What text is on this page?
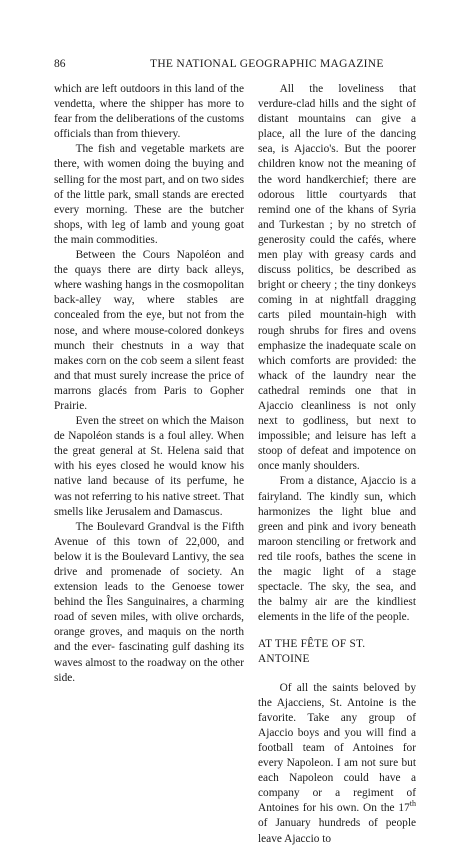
86	THE NATIONAL GEOGRAPHIC MAGAZINE

which are left outdoors in this land of the vendetta, where the shipper has more to fear from the deliberations of the customs officials than from thievery.

The fish and vegetable markets are there, with women doing the buying and selling for the most part, and on two sides of the little park, small stands are erected every morning. These are the butcher shops, with leg of lamb and young goat the main commodities.

Between the Cours Napoléon and the quays there are dirty back alleys, where washing hangs in the cosmopolitan back-alley way, where stables are concealed from the eye, but not from the nose, and where mouse-colored donkeys munch their chestnuts in a way that makes corn on the cob seem a silent feast and that must surely increase the price of marrons glacés from Paris to Gopher Prairie.

Even the street on which the Maison de Napoléon stands is a foul alley. When the great general at St. Helena said that with his eyes closed he would know his native land because of its perfume, he was not referring to his native street. That smells like Jerusalem and Damascus.

The Boulevard Grandval is the Fifth Avenue of this town of 22,000, and below it is the Boulevard Lantivy, the sea drive and promenade of society. An extension leads to the Genoese tower behind the Îles Sanguinaires, a charming road of seven miles, with olive orchards, orange groves, and maquis on the north and the ever- fascinating gulf dashing its waves almost to the roadway on the other side.

All the loveliness that verdure-clad hills and the sight of distant mountains can give a place, all the lure of the dancing sea, is Ajaccio's. But the poorer children know not the meaning of the word handkerchief; there are odorous little courtyards that remind one of the khans of Syria and Turkestan ; by no stretch of generosity could the cafés, where men play with greasy cards and discuss politics, be described as bright or cheery ; the tiny donkeys coming in at nightfall dragging carts piled mountain-high with rough shrubs for fires and ovens emphasize the inadequate scale on which comforts are provided: the whack of the laundry near the cathedral reminds one that in Ajaccio cleanliness is not only next to godliness, but next to impossible; and leisure has left a stoop of defeat and impotence on once manly shoulders.

From a distance, Ajaccio is a fairyland. The kindly sun, which harmonizes the light blue and green and pink and ivory beneath maroon stenciling or fretwork and red tile roofs, bathes the scene in the magic light of a stage spectacle. The sky, the sea, and the balmy air are the kindliest elements in the life of the people.

AT THE FÊTE OF ST. ANTOINE

Of all the saints beloved by the Ajacciens, St. Antoine is the favorite. Take any group of Ajaccio boys and you will find a football team of Antoines for every Napoleon. I am not sure but each Napoleon could have a company or a regiment of Antoines for his own. On the 17th of January hundreds of people leave Ajaccio to
